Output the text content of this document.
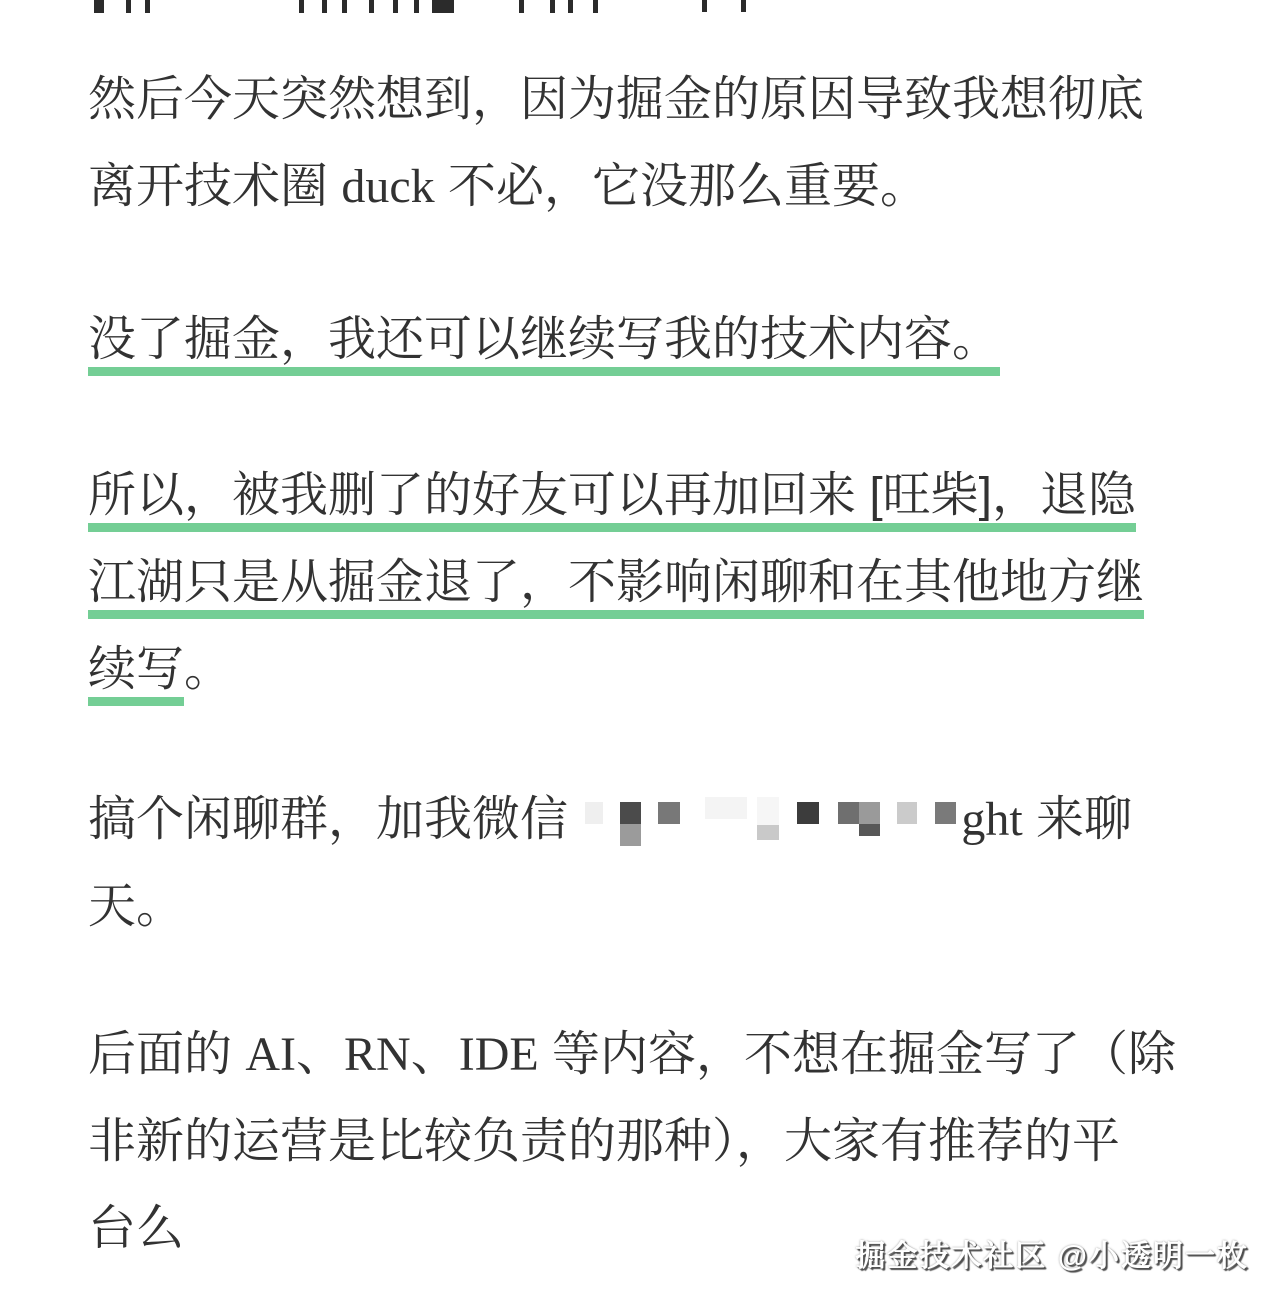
然后今天突然想到，因为掘金的原因导致我想彻底
离开技术圈 duck 不必，它没那么重要。
没了掘金，我还可以继续写我的技术内容。
所以，被我删了的好友可以再加回来 [旺柴]，退隐
江湖只是从掘金退了，不影响闲聊和在其他地方继
续写。
搞个闲聊群，加我微信	ght 来聊
天。
后面的 AI、RN、IDE 等内容，不想在掘金写了（除
非新的运营是比较负责的那种），大家有推荐的平
台么
掘金技术社区 @小透明一枚
